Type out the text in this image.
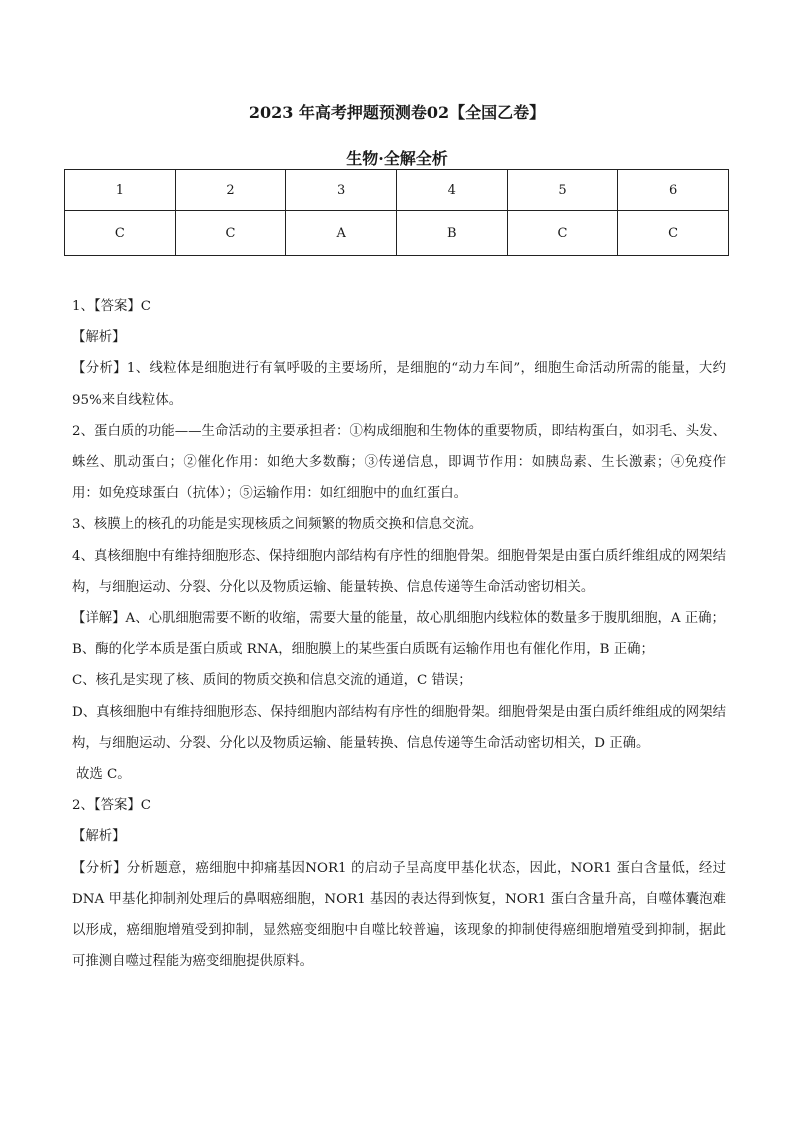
2023 年高考押题预测卷02【全国乙卷】
生物·全解全析
1	2	3	4	5	6
C	C	A	B	C	C

1、【答案】C

【解析】

【分析】1、线粒体是细胞进行有氧呼吸的主要场所，是细胞的“动力车间”，细胞生命活动所需的能量，大约95%来自线粒体。

2、蛋白质的功能——生命活动的主要承担者：①构成细胞和生物体的重要物质，即结构蛋白，如羽毛、头发、蛛丝、肌动蛋白；②催化作用：如绝大多数酶；③传递信息，即调节作用：如胰岛素、生长激素；④免疫作用：如免疫球蛋白（抗体）；⑤运输作用：如红细胞中的血红蛋白。

3、核膜上的核孔的功能是实现核质之间频繁的物质交换和信息交流。

4、真核细胞中有维持细胞形态、保持细胞内部结构有序性的细胞骨架。细胞骨架是由蛋白质纤维组成的网架结构，与细胞运动、分裂、分化以及物质运输、能量转换、信息传递等生命活动密切相关。

【详解】A、心肌细胞需要不断的收缩，需要大量的能量，故心肌细胞内线粒体的数量多于腹肌细胞，A 正确；

B、酶的化学本质是蛋白质或 RNA，细胞膜上的某些蛋白质既有运输作用也有催化作用，B 正确；

C、核孔是实现了核、质间的物质交换和信息交流的通道，C 错误；

D、真核细胞中有维持细胞形态、保持细胞内部结构有序性的细胞骨架。细胞骨架是由蛋白质纤维组成的网架结构，与细胞运动、分裂、分化以及物质运输、能量转换、信息传递等生命活动密切相关，D 正确。

故选 C。

2、【答案】C

【解析】

【分析】分析题意，癌细胞中抑痛基因NOR1 的启动子呈高度甲基化状态，因此，NOR1 蛋白含量低，经过 DNA 甲基化抑制剂处理后的鼻咽癌细胞，NOR1 基因的表达得到恢复，NOR1 蛋白含量升高，自噬体囊泡难以形成，癌细胞增殖受到抑制，显然癌变细胞中自噬比较普遍，该现象的抑制使得癌细胞增殖受到抑制，据此可推测自噬过程能为癌变细胞提供原料。
